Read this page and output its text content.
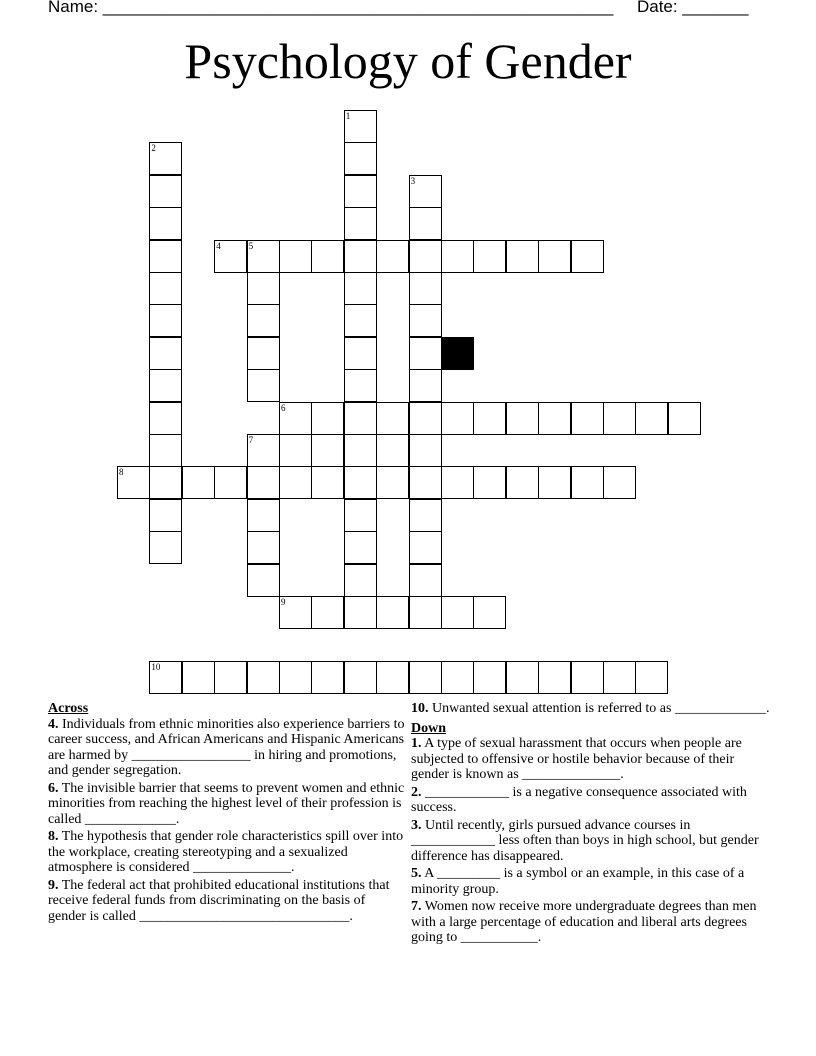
Name: ______________________________________________________     Date: _______
Psychology of Gender
4	5
6
8
9
10
1
2
3
7
Across
4. Individuals from ethnic minorities also experience barriers to career success, and African Americans and Hispanic Americans are harmed by _________________ in hiring and promotions, and gender segregation.
6. The invisible barrier that seems to prevent women and ethnic minorities from reaching the highest level of their profession is called _____________.
8. The hypothesis that gender role characteristics spill over into the workplace, creating stereotyping and a sexualized atmosphere is considered ______________.
9. The federal act that prohibited educational institutions that receive federal funds from discriminating on the basis of gender is called ______________________________.
10. Unwanted sexual attention is referred to as _____________.
Down
1. A type of sexual harassment that occurs when people are subjected to offensive or hostile behavior because of their gender is known as ______________.
2. ____________ is a negative consequence associated with success.
3. Until recently, girls pursued advance courses in ____________ less often than boys in high school, but gender difference has disappeared.
5. A _________ is a symbol or an example, in this case of a minority group.
7. Women now receive more undergraduate degrees than men with a large percentage of education and liberal arts degrees going to ___________.
